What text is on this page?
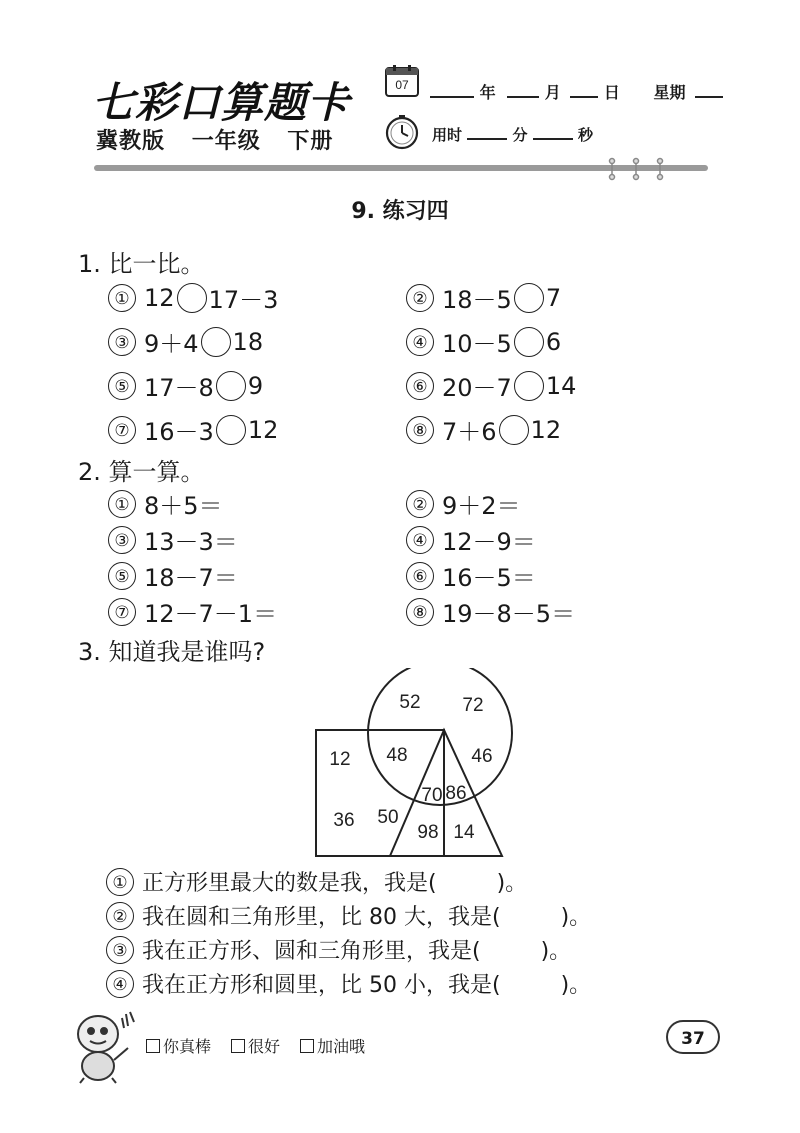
七彩口算题卡
冀教版 一年级 下册
07	年	月	日 星期
用时	分	秒
9. 练习四
1. 比一比。
① 12 17－3	② 18－5 7
③ 9＋4 18	④ 10－5 6
⑤ 17－8 9	⑥ 20－7 14
⑦ 16－3 12	⑧ 7＋6 12
2. 算一算。
① 8＋5＝	② 9＋2＝
③ 13－3＝	④ 12－9＝
⑤ 18－7＝	⑥ 16－5＝
⑦ 12－7－1＝	⑧ 19－8－5＝
3. 知道我是谁吗?
52 72
48	46
12
36 50
70 86
98 14
① 正方形里最大的数是我，我是(	)。
② 我在圆和三角形里，比 80 大，我是(	)。
③ 我在正方形、圆和三角形里，我是(	)。
④ 我在正方形和圆里，比 50 小，我是(	)。
你真棒	很好	加油哦	37
